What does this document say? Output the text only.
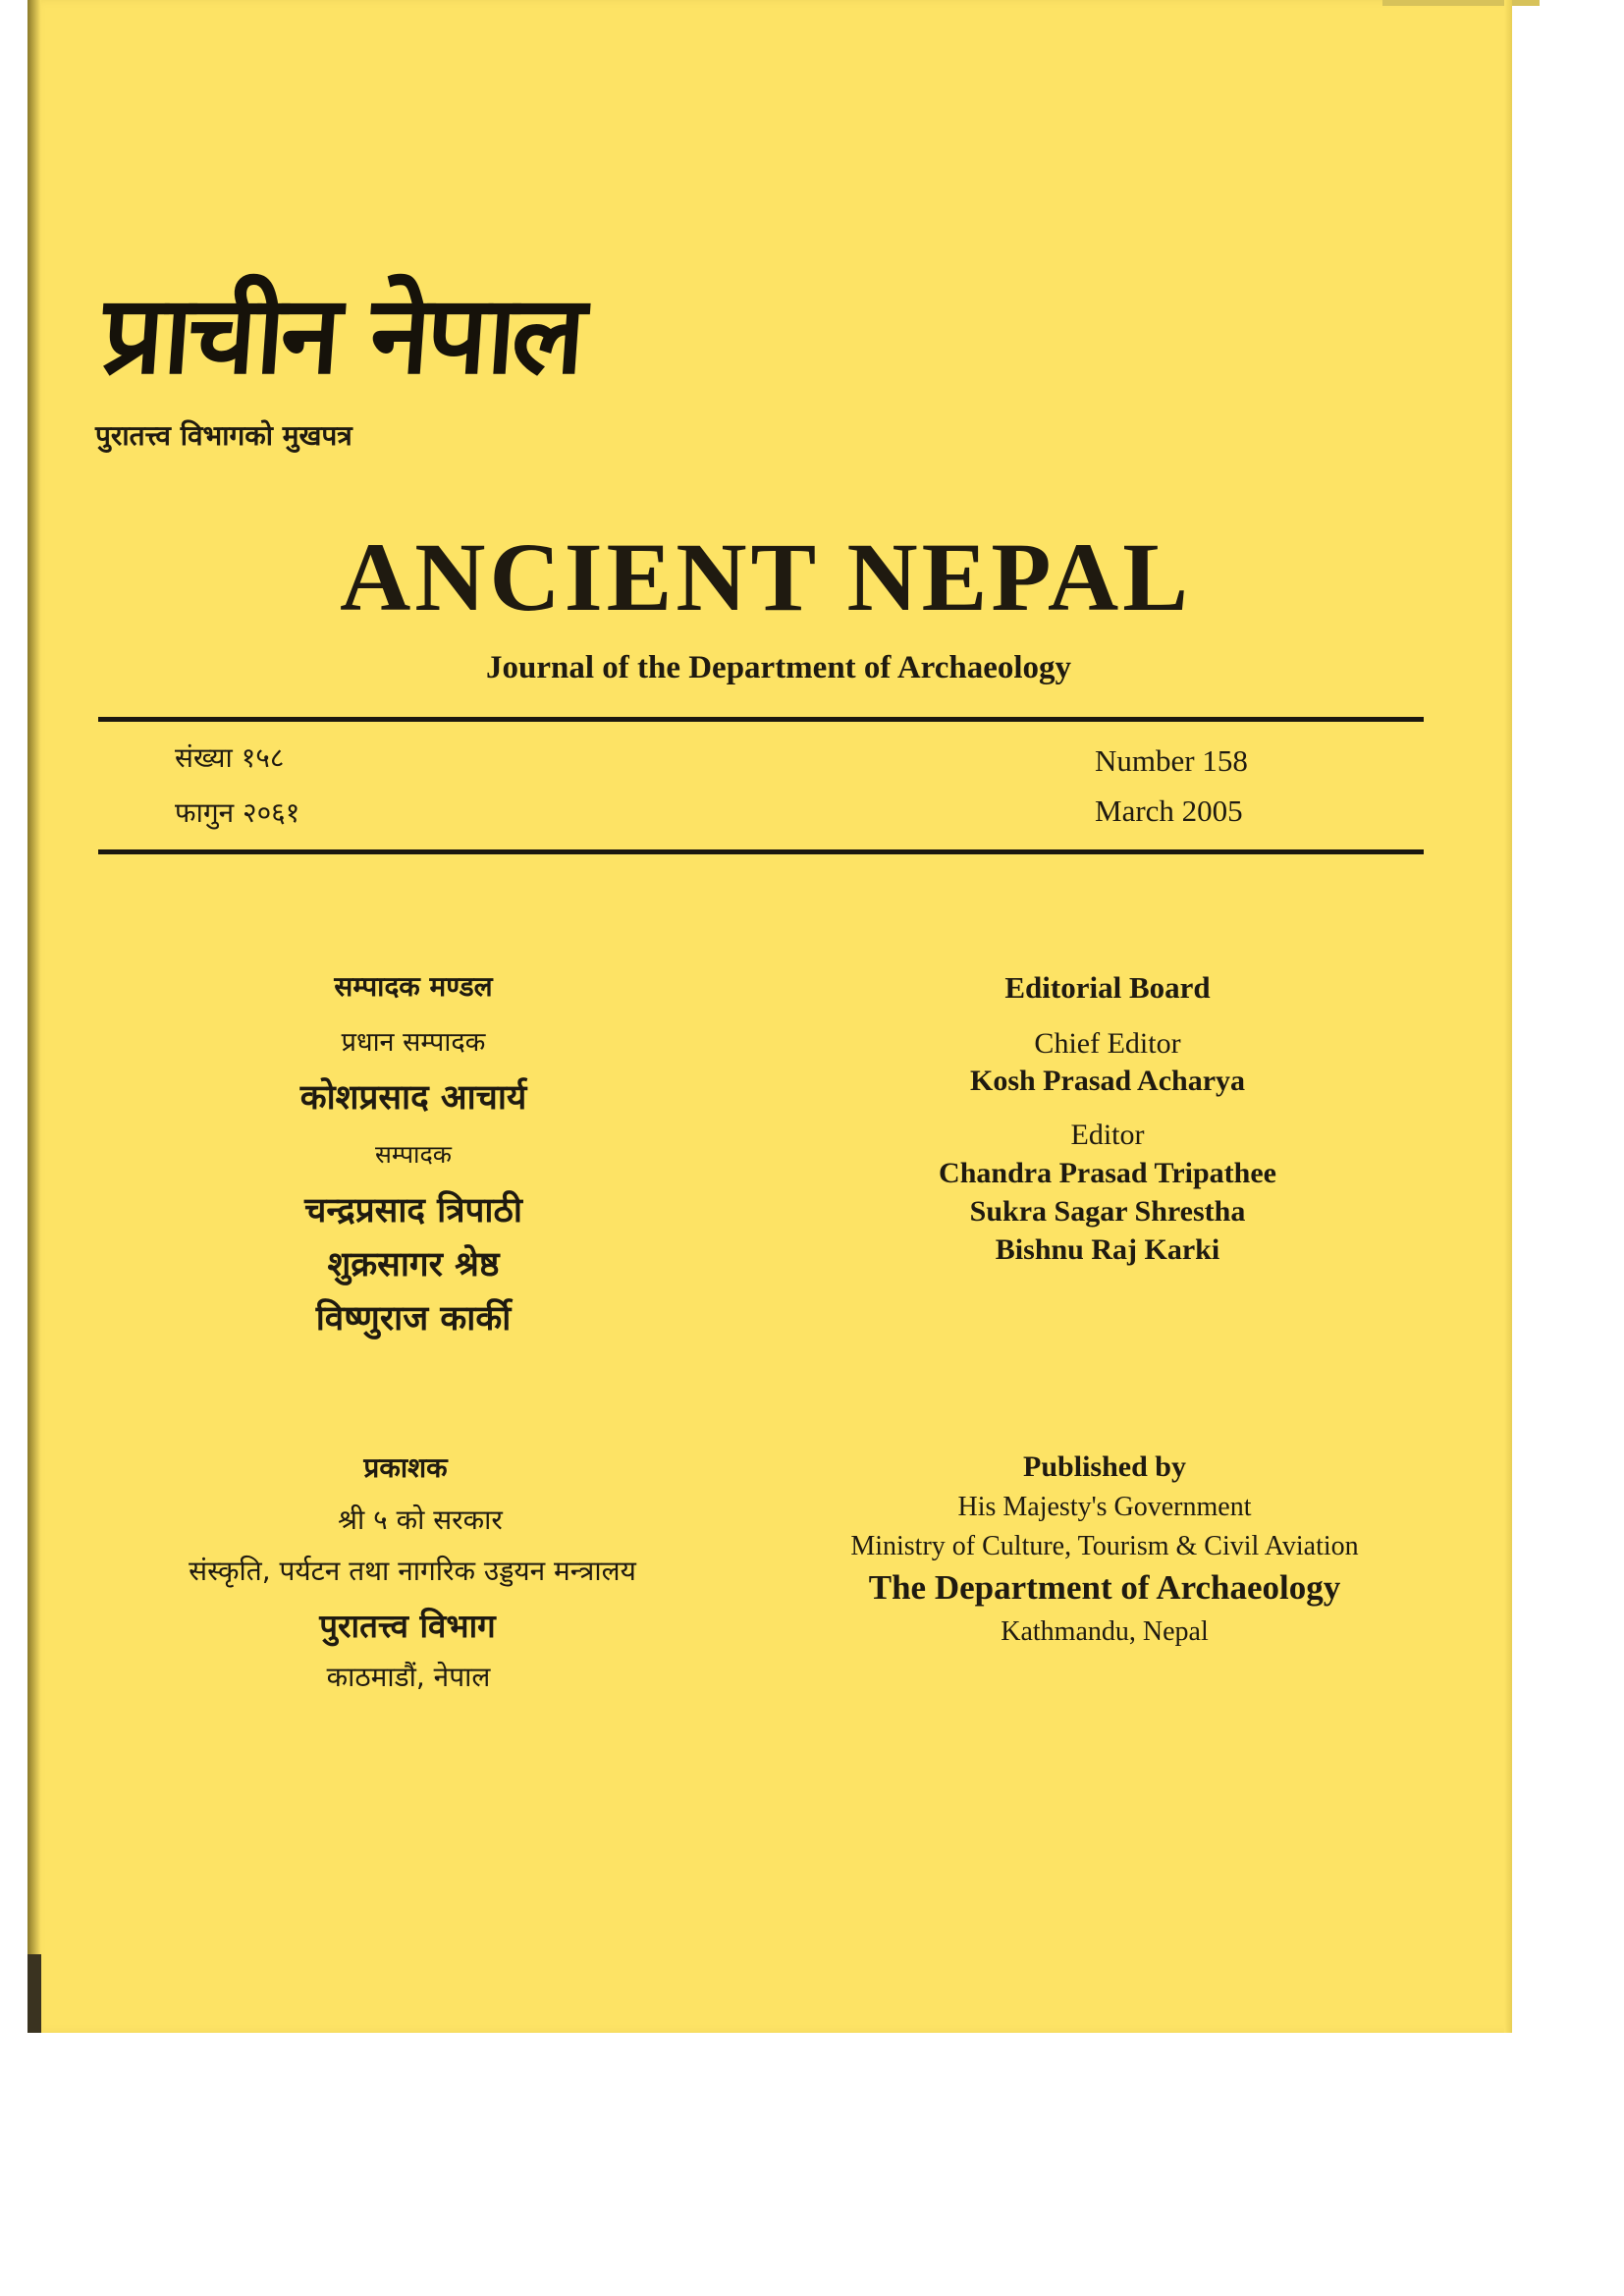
प्राचीन नेपाल
पुरातत्त्व विभागको मुखपत्र
ANCIENT NEPAL
Journal of the Department of Archaeology
संख्या १५८
फागुन २०६१
Number 158
March 2005
सम्पादक मण्डल
प्रधान सम्पादक
कोशप्रसाद आचार्य
सम्पादक
चन्द्रप्रसाद त्रिपाठी
शुक्रसागर श्रेष्ठ
विष्णुराज कार्की
Editorial Board
Chief Editor
Kosh Prasad Acharya
Editor
Chandra Prasad Tripathee
Sukra Sagar Shrestha
Bishnu Raj Karki
प्रकाशक
श्री ५ को सरकार
संस्कृति, पर्यटन तथा नागरिक उड्डयन मन्त्रालय
पुरातत्त्व विभाग
काठमाडौं, नेपाल
Published by
His Majesty's Government
Ministry of Culture, Tourism & Civil Aviation
The Department of Archaeology
Kathmandu, Nepal
